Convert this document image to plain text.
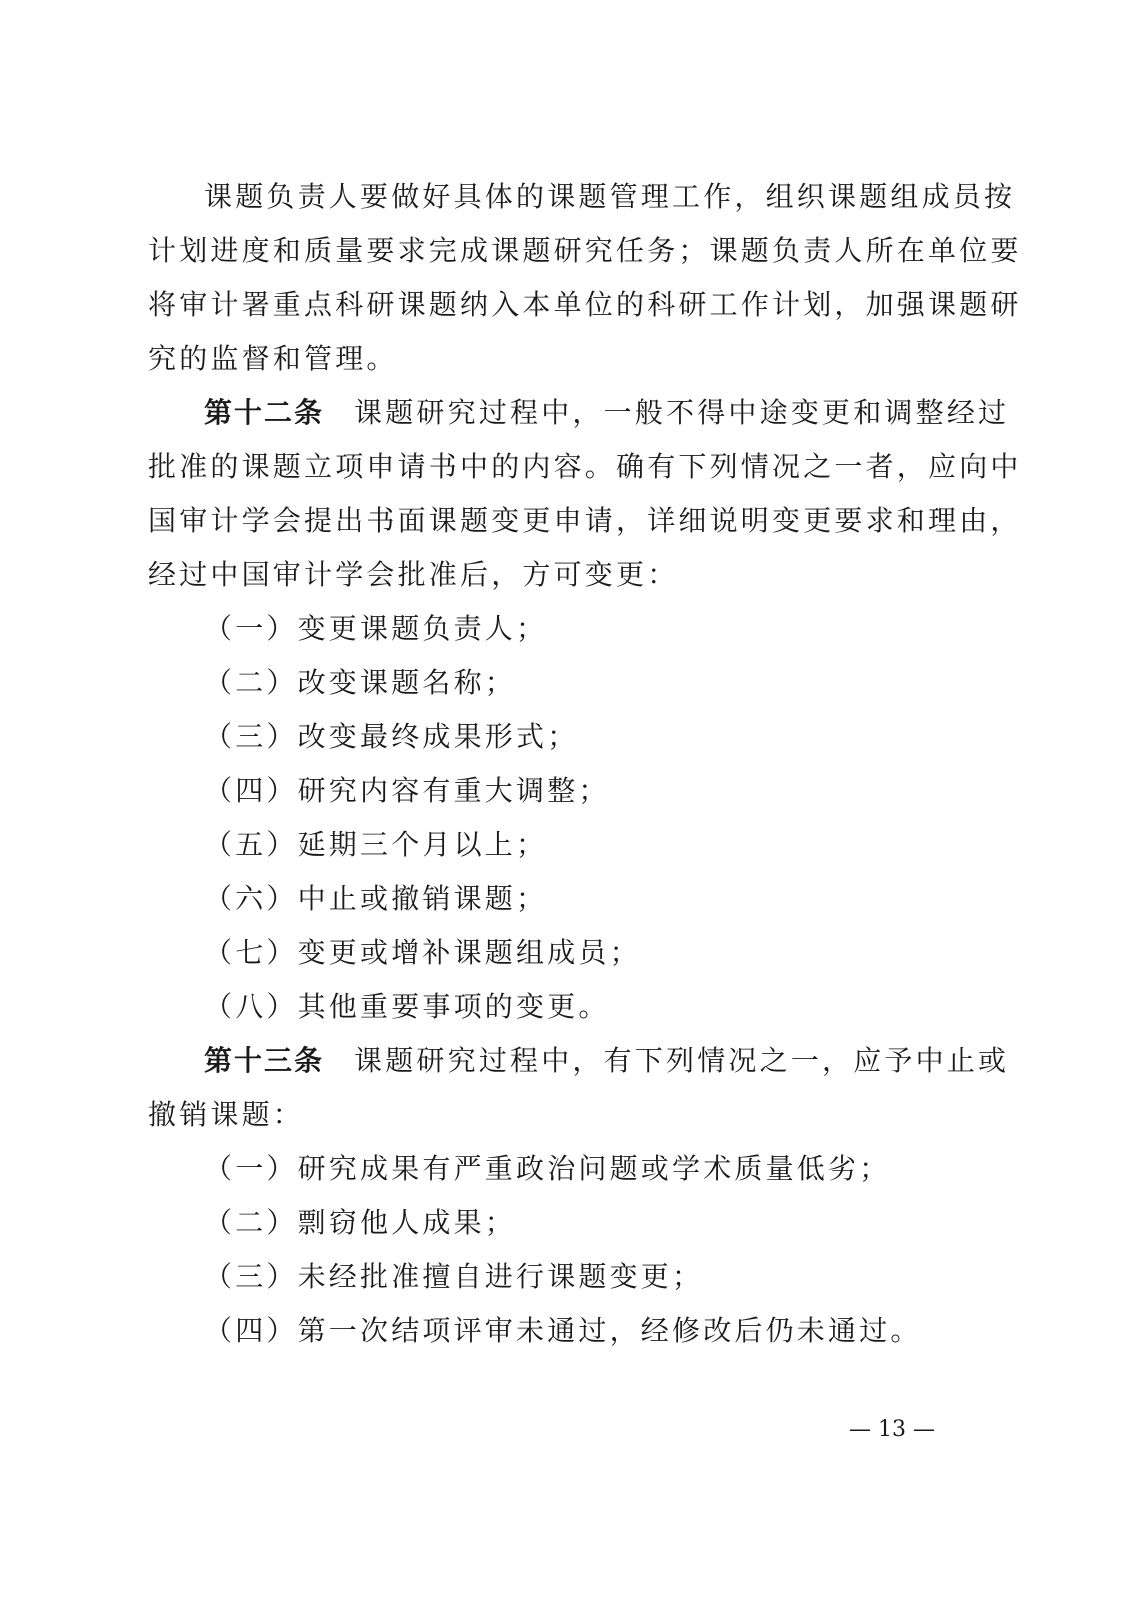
课题负责人要做好具体的课题管理工作，组织课题组成员按
计划进度和质量要求完成课题研究任务；课题负责人所在单位要
将审计署重点科研课题纳入本单位的科研工作计划，加强课题研
究的监督和管理。
第十二条 课题研究过程中，一般不得中途变更和调整经过
批准的课题立项申请书中的内容。确有下列情况之一者，应向中
国审计学会提出书面课题变更申请，详细说明变更要求和理由，
经过中国审计学会批准后，方可变更：
（一）变更课题负责人；
（二）改变课题名称；
（三）改变最终成果形式；
（四）研究内容有重大调整；
（五）延期三个月以上；
（六）中止或撤销课题；
（七）变更或增补课题组成员；
（八）其他重要事项的变更。
第十三条 课题研究过程中，有下列情况之一，应予中止或
撤销课题：
（一）研究成果有严重政治问题或学术质量低劣；
（二）剽窃他人成果；
（三）未经批准擅自进行课题变更；
（四）第一次结项评审未通过，经修改后仍未通过。
— 13 —
